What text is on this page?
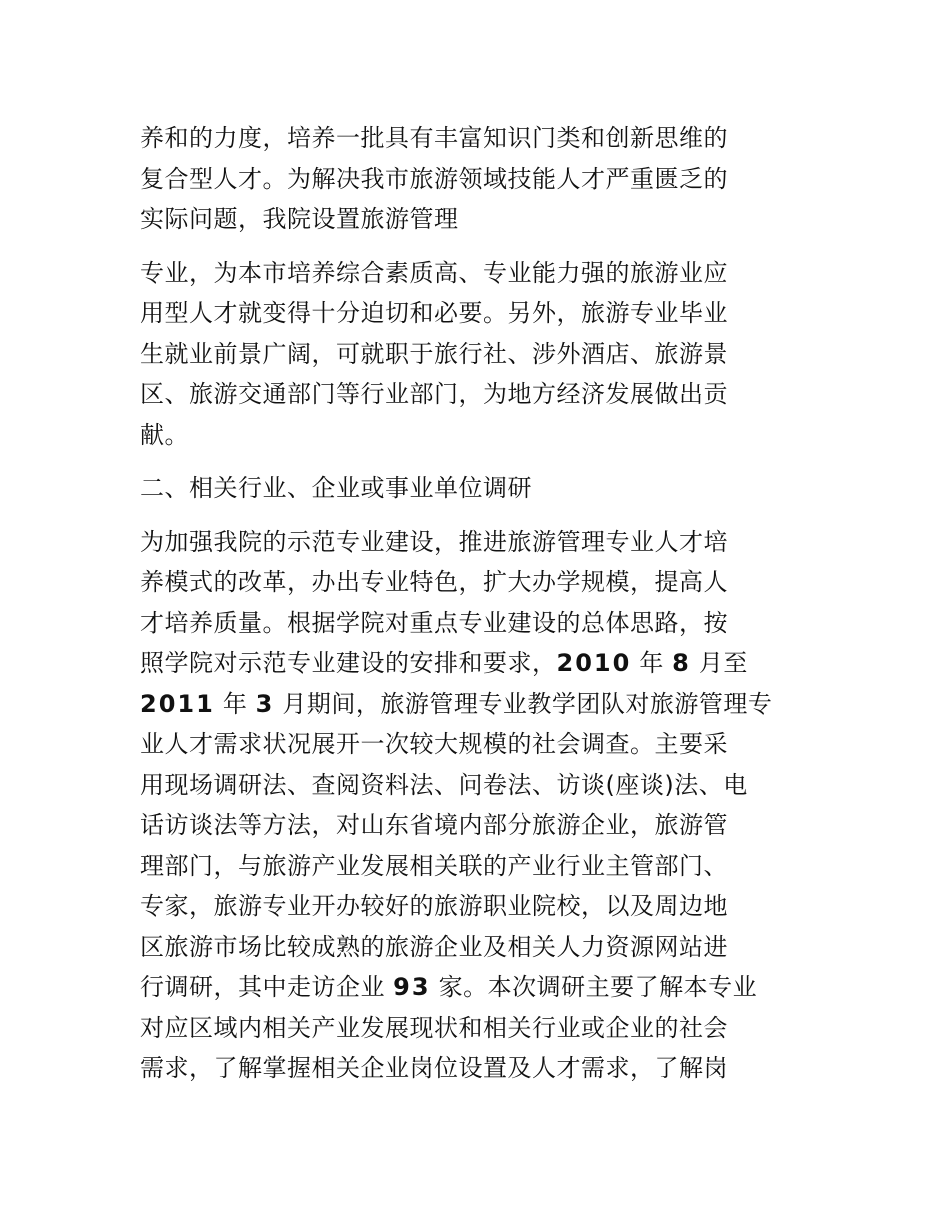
养和的力度，培养一批具有丰富知识门类和创新思维的
复合型人才。为解决我市旅游领域技能人才严重匮乏的
实际问题，我院设置旅游管理

专业，为本市培养综合素质高、专业能力强的旅游业应
用型人才就变得十分迫切和必要。另外，旅游专业毕业
生就业前景广阔，可就职于旅行社、涉外酒店、旅游景
区、旅游交通部门等行业部门，为地方经济发展做出贡
献。

二、相关行业、企业或事业单位调研

为加强我院的示范专业建设，推进旅游管理专业人才培
养模式的改革，办出专业特色，扩大办学规模，提高人
才培养质量。根据学院对重点专业建设的总体思路，按
照学院对示范专业建设的安排和要求，2010 年 8 月至
2011 年 3 月期间，旅游管理专业教学团队对旅游管理专
业人才需求状况展开一次较大规模的社会调查。主要采
用现场调研法、查阅资料法、问卷法、访谈(座谈)法、电
话访谈法等方法，对山东省境内部分旅游企业，旅游管
理部门，与旅游产业发展相关联的产业行业主管部门、
专家，旅游专业开办较好的旅游职业院校，以及周边地
区旅游市场比较成熟的旅游企业及相关人力资源网站进
行调研，其中走访企业 93 家。本次调研主要了解本专业
对应区域内相关产业发展现状和相关行业或企业的社会
需求，了解掌握相关企业岗位设置及人才需求，了解岗
